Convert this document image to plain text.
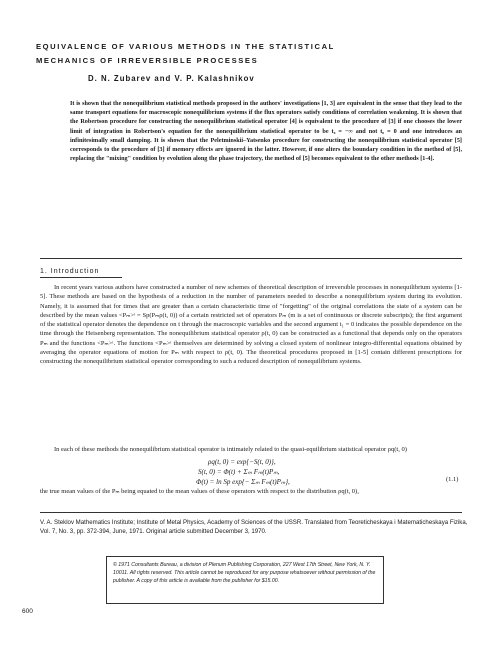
EQUIVALENCE OF VARIOUS METHODS IN THE STATISTICAL
MECHANICS OF IRREVERSIBLE PROCESSES
D. N. Zubarev and V. P. Kalashnikov
It is shown that the nonequilibrium statistical methods proposed in the authors' investigations [1, 3] are equivalent in the sense that they lead to the same transport equations for macroscopic nonequilibrium systems if the flux operators satisfy conditions of correlation weakening. It is shown that the Robertson procedure for constructing the nonequilibrium statistical operator [4] is equivalent to the procedure of [3] if one chooses the lower limit of integration in Robertson's equation for the nonequilibrium statistical operator to be t₀ = −∞ and not t₀ = 0 and one introduces an infinitesimally small damping. It is shown that the Peletminskii–Yatsenko procedure for constructing the nonequilibrium statistical operator [5] corresponds to the procedure of [3] if memory effects are ignored in the latter. However, if one alters the boundary condition in the method of [5], replacing the "mixing" condition by evolution along the phase trajectory, the method of [5] becomes equivalent to the other methods [1-4].
1. Introduction
In recent years various authors have constructed a number of new schemes of theoretical description of irreversible processes in nonequilibrium systems [1-5]. These methods are based on the hypothesis of a reduction in the number of parameters needed to describe a nonequilibrium system during its evolution. Namely, it is assumed that for times that are greater than a certain characteristic time of "forgetting" of the original correlations the state of a system can be described by the mean values <Pₘ>ᵗ = Sp(Pₘρ(t, 0)) of a certain restricted set of operators Pₘ (m is a set of continuous or discrete subscripts); the first argument of the statistical operator denotes the dependence on t through the macroscopic variables and the second argument t₁ = 0 indicates the possible dependence on the time through the Heisenberg representation. The nonequilibrium statistical operator ρ(t, 0) can be constructed as a functional that depends only on the operators Pₘ and the functions <Pₘ>ᵗ. The functions <Pₘ>ᵗ themselves are determined by solving a closed system of nonlinear integro-differential equations obtained by averaging the operator equations of motion for Pₘ with respect to ρ(t, 0). The theoretical procedures proposed in [1-5] contain different prescriptions for constructing the nonequilibrium statistical operator corresponding to such a reduced description of nonequilibrium systems.
In each of these methods the nonequilibrium statistical operator is intimately related to the quasi-equilibrium statistical operator ρq(t, 0)
ρq(t, 0) = exp{−S(t, 0)},
S(t, 0) = Φ(t) + Σₘ Fₘ(t)Pₘ,
Φ(t) = ln Sp exp{− Σₘ Fₘ(t)Pₘ},	(1.1)
the true mean values of the Pₘ being equated to the mean values of these operators with respect to the distribution ρq(t, 0),
V. A. Steklov Mathematics Institute; Institute of Metal Physics, Academy of Sciences of the USSR. Translated from Teoreticheskaya i Matematicheskaya Fizika, Vol. 7, No. 3, pp. 372-394, June, 1971. Original article submitted December 3, 1970.
© 1971 Consultants Bureau, a division of Plenum Publishing Corporation, 227 West 17th Street, New York, N. Y. 10011. All rights reserved. This article cannot be reproduced for any purpose whatsoever without permission of the publisher. A copy of this article is available from the publisher for $15.00.
600
